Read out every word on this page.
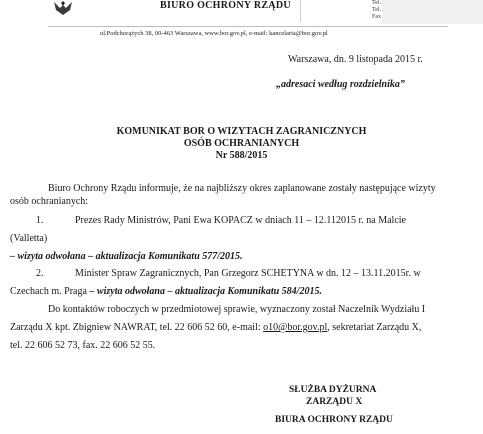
BIURO OCHRONY RZĄDU	Tel.
Tel.
Fax
ul.Podchorążych 38, 00-463 Warszawa, www.bor.gov.pl, e-mail: kancelaria@bor.gov.pl
Warszawa, dn. 9 listopada 2015 r.
„adresaci według rozdzielnika”
KOMUNIKAT BOR O WIZYTACH ZAGRANICZNYCH
OSÓB OCHRANIANYCH
Nr 588/2015
Biuro Ochrony Rządu informuje, że na najbliższy okres zaplanowane zostały następujące wizyty
osób ochranianych:
1.	Prezes Rady Ministrów, Pani Ewa KOPACZ w dniach 11 – 12.112015 r. na Malcie
(Valletta)
– wizyta odwołana – aktualizacja Komunikatu 577/2015.
2.	Minister Spraw Zagranicznych, Pan Grzegorz SCHETYNA w dn. 12 – 13.11.2015r. w
Czechach m. Praga – wizyta odwołana – aktualizacja Komunikatu 584/2015.
Do kontaktów roboczych w przedmiotowej sprawie, wyznaczony został Naczelnik Wydziału I
Zarządu X kpt. Zbigniew NAWRAT, tel. 22 606 52 60, e-mail: o10@bor.gov.pl, sekretariat Zarządu X,
tel. 22 606 52 73, fax. 22 606 52 55.
SŁUŻBA DYŻURNA
ZARZĄDU X
BIURA OCHRONY RZĄDU
